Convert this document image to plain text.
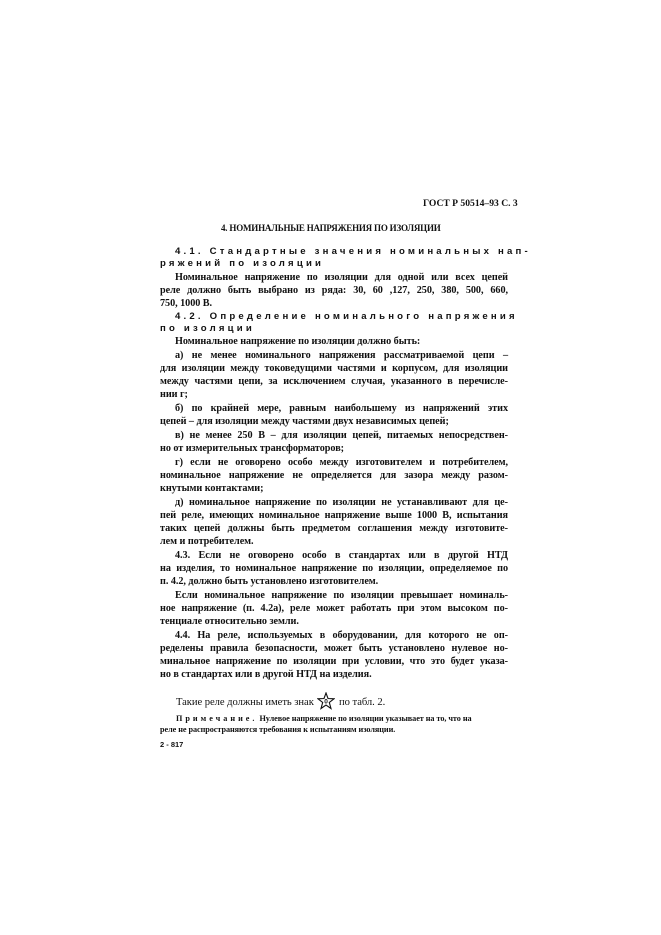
ГОСТ Р 50514–93 С. 3
4. НОМИНАЛЬНЫЕ НАПРЯЖЕНИЯ ПО ИЗОЛЯЦИИ
4.1. Стандартные значения номинальных нап-
ряжений по изоляции
Номинальное напряжение по изоляции для одной или всех цепей
реле должно быть выбрано из ряда: 30, 60 ,127, 250, 380, 500, 660,
750, 1000 В.
4.2. Определение номинального напряжения
по изоляции
Номинальное напряжение по изоляции должно быть:
а) не менее номинального напряжения рассматриваемой цепи –
для изоляции между токоведущими частями и корпусом, для изоляции
между частями цепи, за исключением случая, указанного в перечисле-
нии г;
б) по крайней мере, равным наибольшему из напряжений этих
цепей – для изоляции между частями двух независимых цепей;
в) не менее 250 В – для изоляции цепей, питаемых непосредствен-
но от измерительных трансформаторов;
г) если не оговорено особо между изготовителем и потребителем,
номинальное напряжение не определяется для зазора между разом-
кнутыми контактами;
д) номинальное напряжение по изоляции не устанавливают для це-
пей реле, имеющих номинальное напряжение выше 1000 В, испытания
таких цепей должны быть предметом соглашения между изготовите-
лем и потребителем.
4.3. Если не оговорено особо в стандартах или в другой НТД
на изделия, то номинальное напряжение по изоляции, определяемое по
п. 4.2, должно быть установлено изготовителем.
Если номинальное напряжение по изоляции превышает номиналь-
ное напряжение (п. 4.2а), реле может работать при этом высоком по-
тенциале относительно земли.
4.4. На реле, используемых в оборудовании, для которого не оп-
ределены правила безопасности, может быть установлено нулевое но-
минальное напряжение по изоляции при условии, что это будет указа-
но в стандартах или в другой НТД на изделия.
Такие реле должны иметь знак 0 по табл. 2.
Примечание. Нулевое напряжение по изоляции указывает на то, что на
реле не распространяются требования к испытаниям изоляции.
2 - 817
